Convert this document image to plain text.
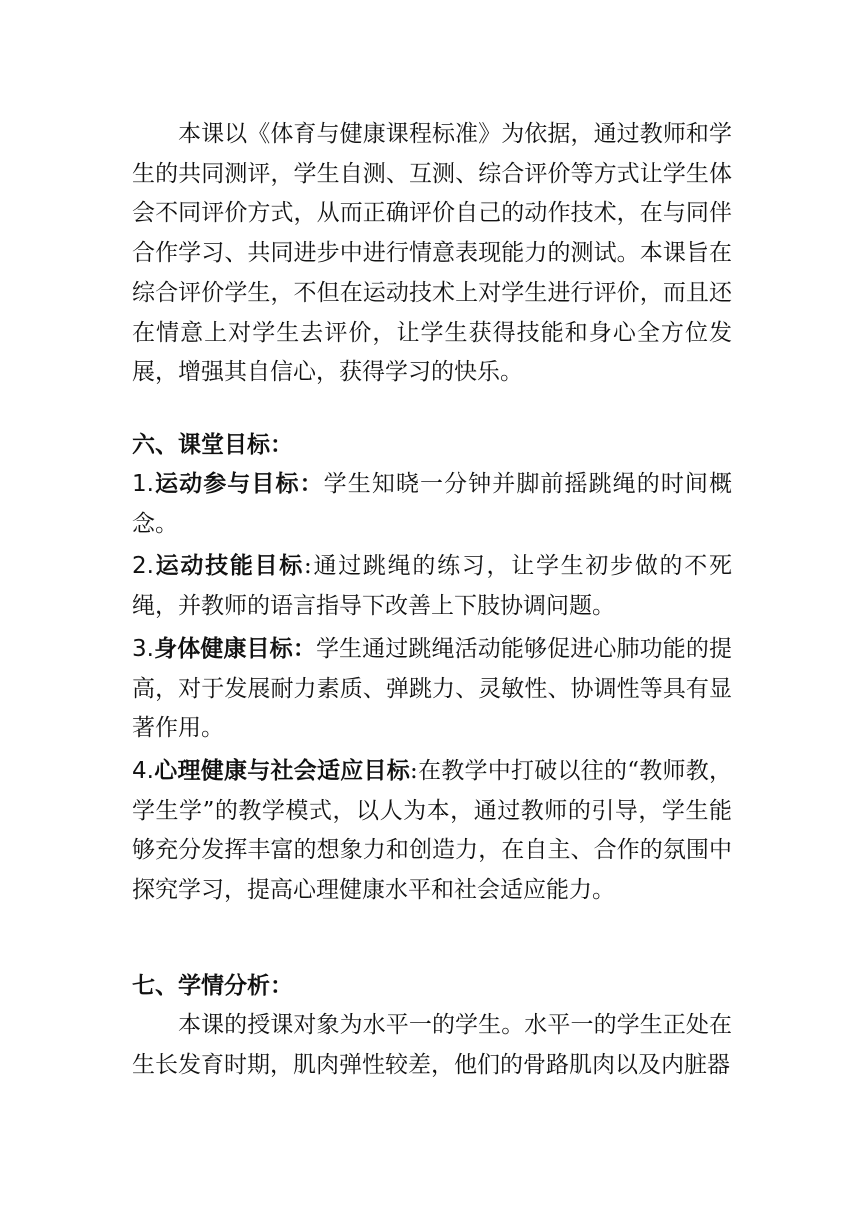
本课以《体育与健康课程标准》为依据，通过教师和学生的共同测评，学生自测、互测、综合评价等方式让学生体会不同评价方式，从而正确评价自己的动作技术，在与同伴合作学习、共同进步中进行情意表现能力的测试。本课旨在综合评价学生，不但在运动技术上对学生进行评价，而且还在情意上对学生去评价，让学生获得技能和身心全方位发展，增强其自信心，获得学习的快乐。

六、课堂目标：

1.运动参与目标：学生知晓一分钟并脚前摇跳绳的时间概念。

2.运动技能目标:通过跳绳的练习，让学生初步做的不死绳，并教师的语言指导下改善上下肢协调问题。

3.身体健康目标：学生通过跳绳活动能够促进心肺功能的提高，对于发展耐力素质、弹跳力、灵敏性、协调性等具有显著作用。

4.心理健康与社会适应目标:在教学中打破以往的“教师教，学生学”的教学模式，以人为本，通过教师的引导，学生能够充分发挥丰富的想象力和创造力，在自主、合作的氛围中探究学习，提高心理健康水平和社会适应能力。

七、学情分析：

本课的授课对象为水平一的学生。水平一的学生正处在生长发育时期，肌肉弹性较差，他们的骨路肌肉以及内脏器
